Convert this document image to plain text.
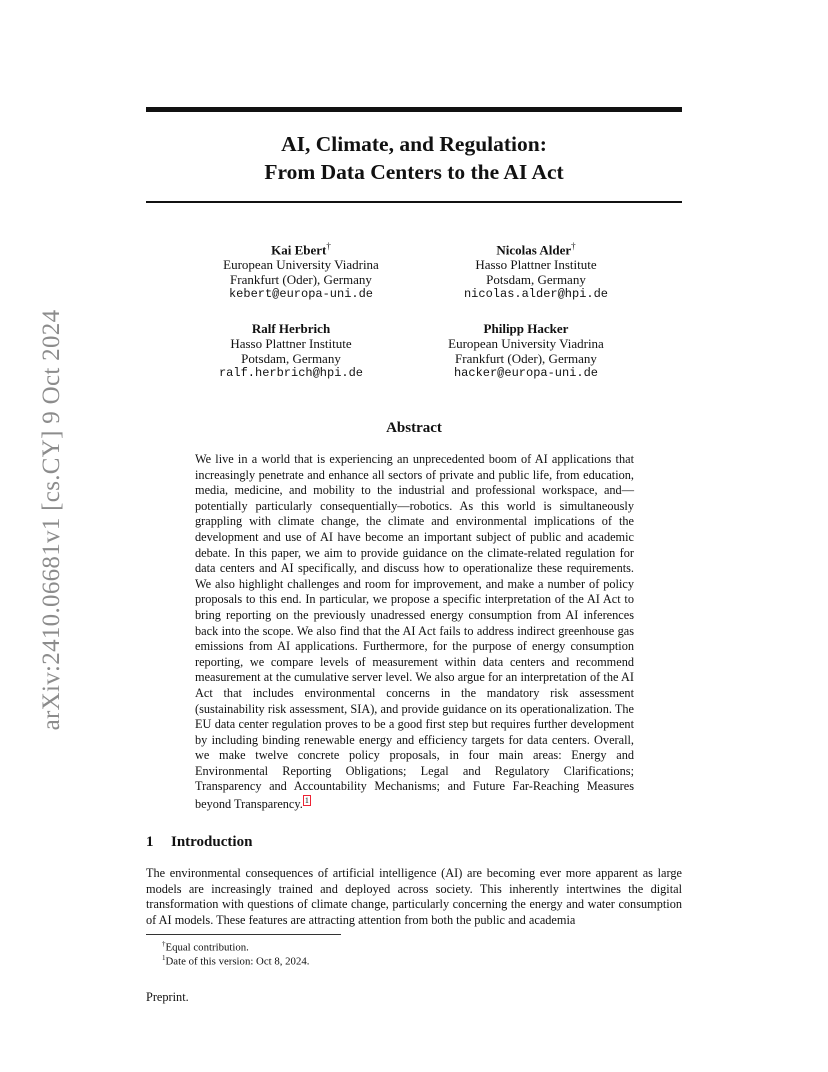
arXiv:2410.06681v1 [cs.CY] 9 Oct 2024
AI, Climate, and Regulation:
From Data Centers to the AI Act
Kai Ebert†
European University Viadrina
Frankfurt (Oder), Germany
kebert@europa-uni.de
Nicolas Alder†
Hasso Plattner Institute
Potsdam, Germany
nicolas.alder@hpi.de
Ralf Herbrich
Hasso Plattner Institute
Potsdam, Germany
ralf.herbrich@hpi.de
Philipp Hacker
European University Viadrina
Frankfurt (Oder), Germany
hacker@europa-uni.de
Abstract
We live in a world that is experiencing an unprecedented boom of AI applications that increasingly penetrate and enhance all sectors of private and public life, from education, media, medicine, and mobility to the industrial and professional workspace, and—potentially particularly consequentially—robotics. As this world is simultaneously grappling with climate change, the climate and environmental implications of the development and use of AI have become an important subject of public and academic debate. In this paper, we aim to provide guidance on the climate-related regulation for data centers and AI specifically, and discuss how to operationalize these requirements. We also highlight challenges and room for improvement, and make a number of policy proposals to this end. In particular, we propose a specific interpretation of the AI Act to bring reporting on the previously unadressed energy consumption from AI inferences back into the scope. We also find that the AI Act fails to address indirect greenhouse gas emissions from AI applications. Furthermore, for the purpose of energy consumption reporting, we compare levels of measurement within data centers and recommend measurement at the cumulative server level. We also argue for an interpretation of the AI Act that includes environmental concerns in the mandatory risk assessment (sustainability risk assessment, SIA), and provide guidance on its operationalization. The EU data center regulation proves to be a good first step but requires further development by including binding renewable energy and efficiency targets for data centers. Overall, we make twelve concrete policy proposals, in four main areas: Energy and Environmental Reporting Obligations; Legal and Regulatory Clarifications; Transparency and Accountability Mechanisms; and Future Far-Reaching Measures beyond Transparency. 1
1 Introduction
The environmental consequences of artificial intelligence (AI) are becoming ever more apparent as large models are increasingly trained and deployed across society. This inherently intertwines the digital transformation with questions of climate change, particularly concerning the energy and water consumption of AI models. These features are attracting attention from both the public and academia
†Equal contribution.
$^1$Date of this version: Oct 8, 2024.
Preprint.
